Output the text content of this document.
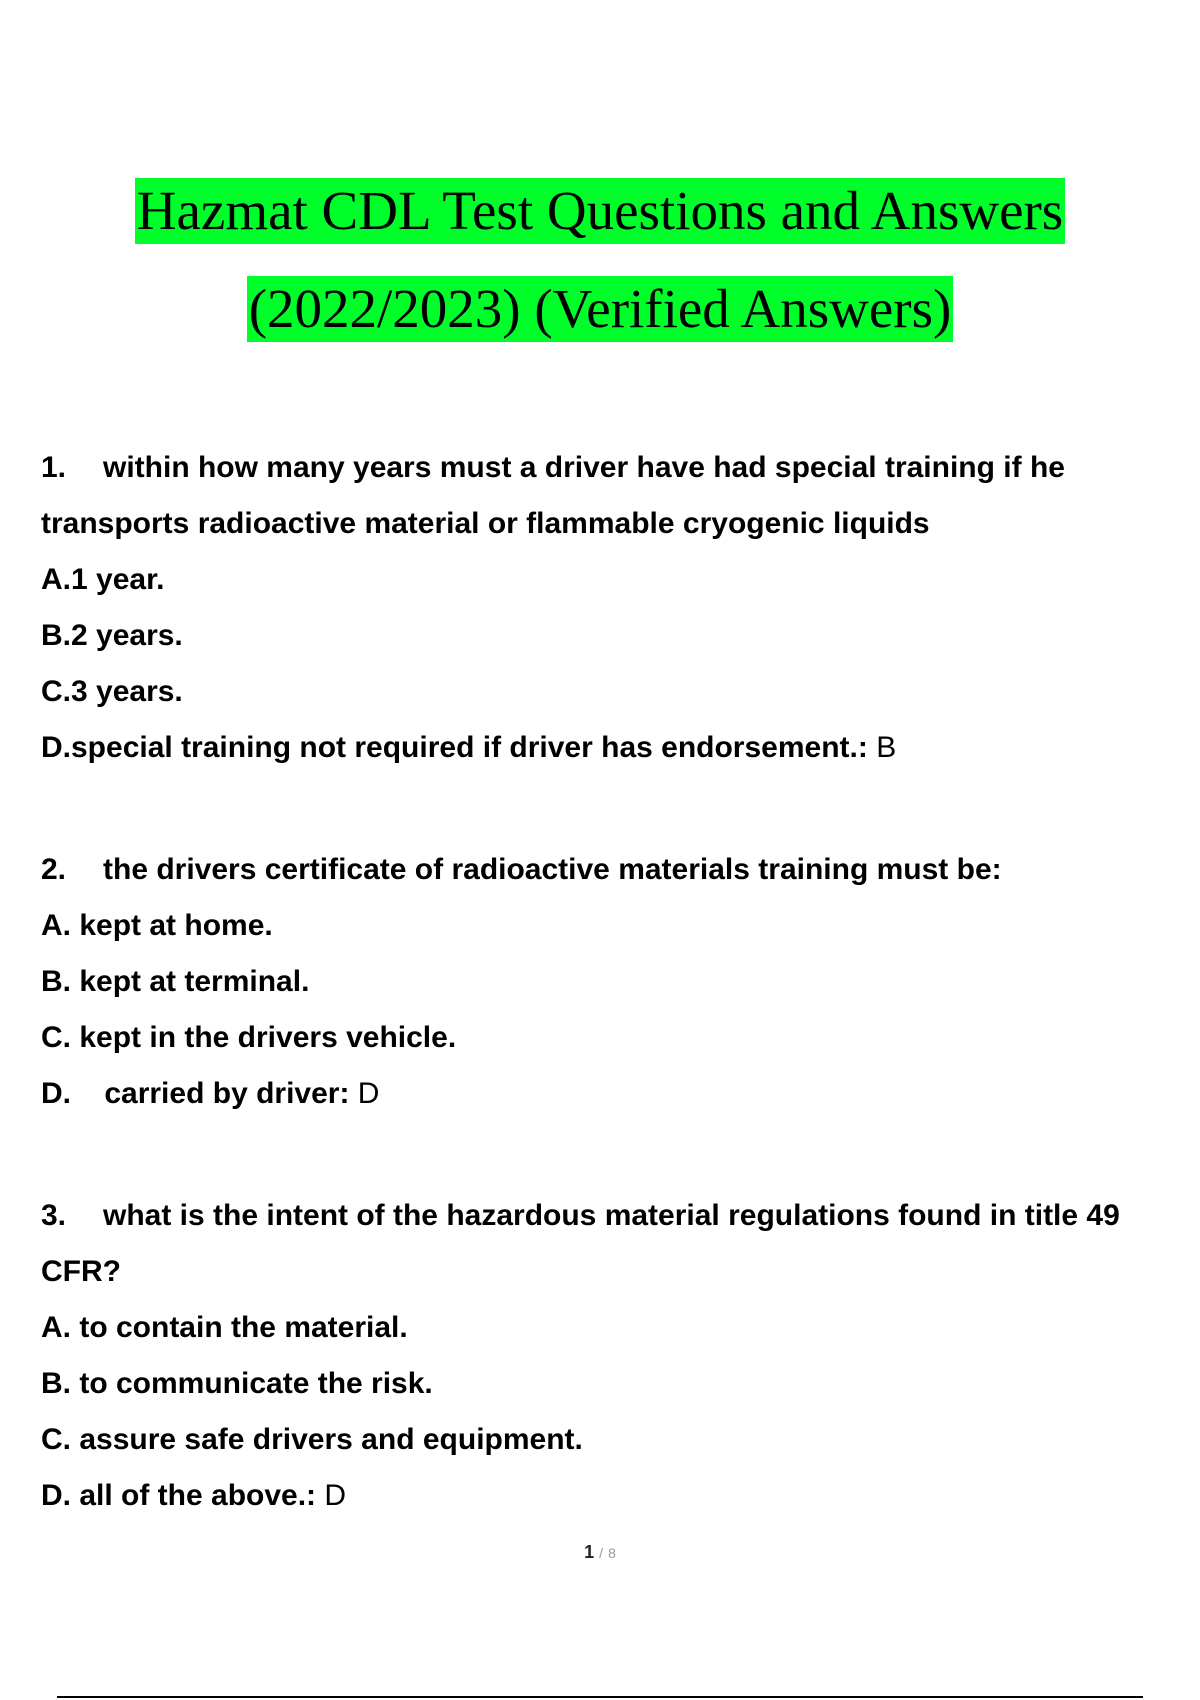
Hazmat CDL Test Questions and Answers
(2022/2023) (Verified Answers)
1. within how many years must a driver have had special training if he transports radioactive material or flammable cryogenic liquids
A.1 year.
B.2 years.
C.3 years.
D.special training not required if driver has endorsement.: B
2. the drivers certificate of radioactive materials training must be:
A. kept at home.
B. kept at terminal.
C. kept in the drivers vehicle.
D.    carried by driver: D
3. what is the intent of the hazardous material regulations found in title 49 CFR?
A. to contain the material.
B. to communicate the risk.
C. assure safe drivers and equipment.
D. all of the above.: D
1 / 8
